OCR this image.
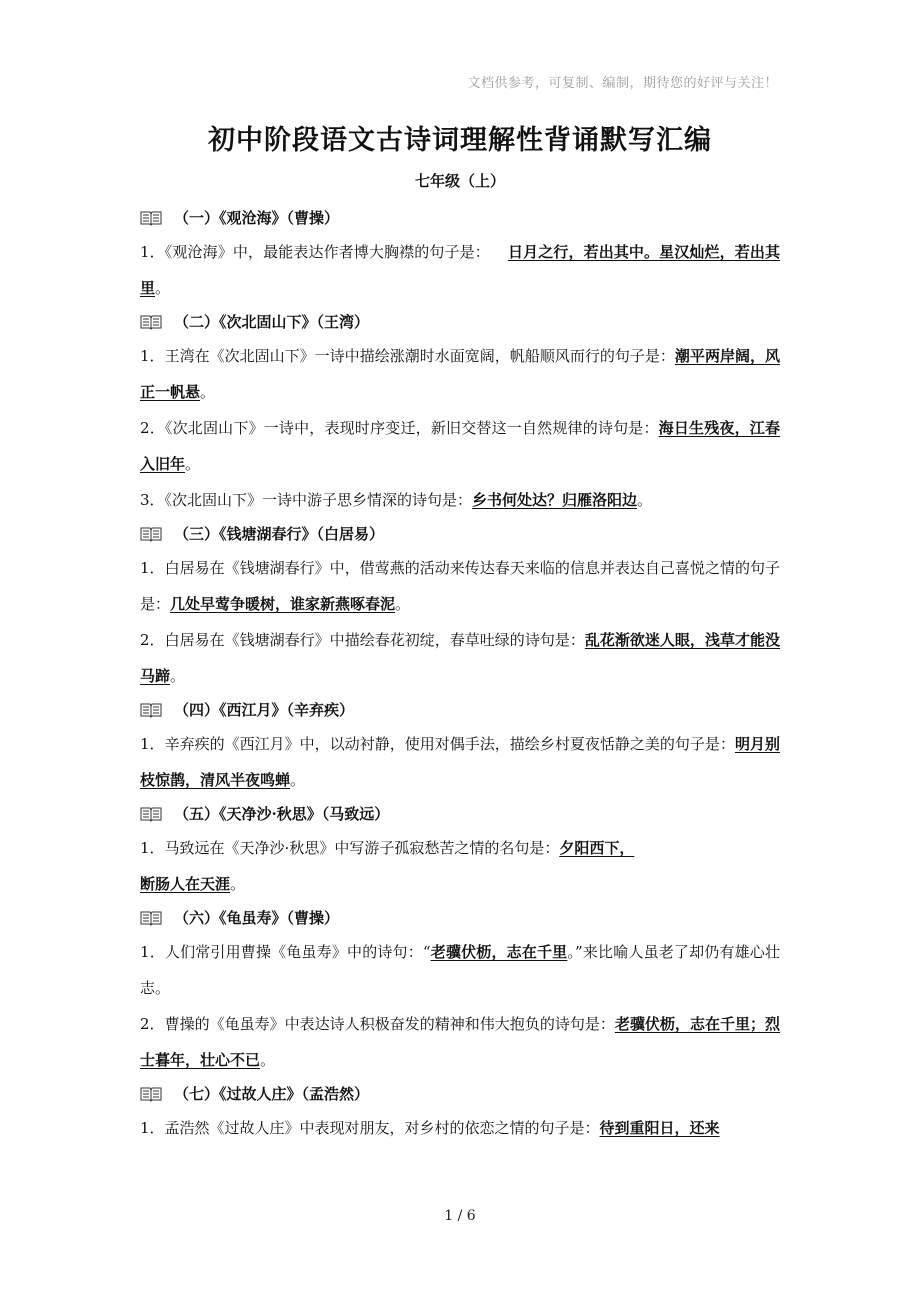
文档供参考，可复制、编制，期待您的好评与关注！
初中阶段语文古诗词理解性背诵默写汇编
七年级（上）
（一）《观沧海》（曹操）
1．《观沧海》中，最能表达作者博大胸襟的句子是： 日月之行，若出其中。星汉灿烂，若出其里。
（二）《次北固山下》（王湾）
1．王湾在《次北固山下》一诗中描绘涨潮时水面宽阔，帆船顺风而行的句子是：潮平两岸阔，风正一帆悬。
2．《次北固山下》一诗中，表现时序变迁，新旧交替这一自然规律的诗句是：海日生残夜，江春入旧年。
3．《次北固山下》一诗中游子思乡情深的诗句是：乡书何处达？归雁洛阳边。
（三）《钱塘湖春行》（白居易）
1．白居易在《钱塘湖春行》中，借莺燕的活动来传达春天来临的信息并表达自己喜悦之情的句子是：几处早莺争暖树，谁家新燕啄春泥。
2．白居易在《钱塘湖春行》中描绘春花初绽，春草吐绿的诗句是：乱花渐欲迷人眼，浅草才能没马蹄。
（四）《西江月》（辛弃疾）
1．辛弃疾的《西江月》中，以动衬静，使用对偶手法，描绘乡村夏夜恬静之美的句子是：明月别枝惊鹊，清风半夜鸣蝉。
（五）《天净沙·秋思》（马致远）
1．马致远在《天净沙·秋思》中写游子孤寂愁苦之情的名句是：夕阳西下，
断肠人在天涯。
（六）《龟虽寿》（曹操）
1．人们常引用曹操《龟虽寿》中的诗句：“老骥伏枥，志在千里。”来比喻人虽老了却仍有雄心壮志。
2．曹操的《龟虽寿》中表达诗人积极奋发的精神和伟大抱负的诗句是：老骥伏枥，志在千里；烈士暮年，壮心不已。
（七）《过故人庄》（孟浩然）
1．孟浩然《过故人庄》中表现对朋友，对乡村的依恋之情的句子是：待到重阳日，还来
1 / 6
